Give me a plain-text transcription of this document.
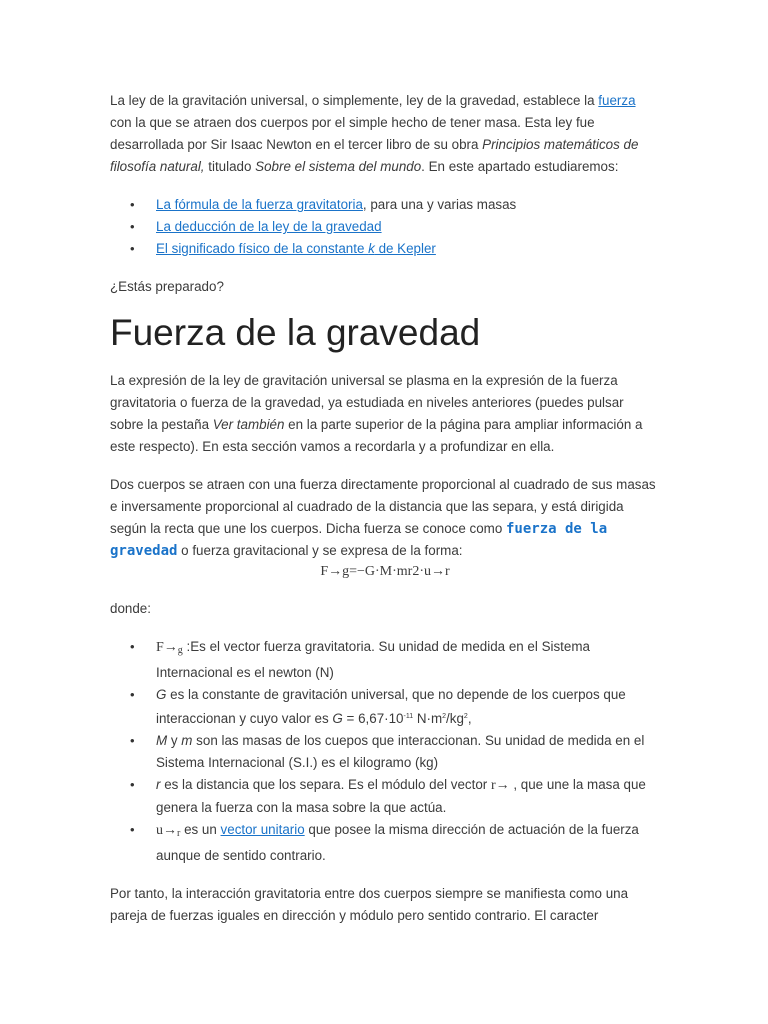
La ley de la gravitación universal, o simplemente, ley de la gravedad, establece la fuerza con la que se atraen dos cuerpos por el simple hecho de tener masa. Esta ley fue desarrollada por Sir Isaac Newton en el tercer libro de su obra Principios matemáticos de filosofía natural, titulado Sobre el sistema del mundo. En este apartado estudiaremos:

• La fórmula de la fuerza gravitatoria, para una y varias masas
• La deducción de la ley de la gravedad
• El significado físico de la constante k de Kepler

¿Estás preparado?

Fuerza de la gravedad

La expresión de la ley de gravitación universal se plasma en la expresión de la fuerza gravitatoria o fuerza de la gravedad, ya estudiada en niveles anteriores (puedes pulsar sobre la pestaña Ver también en la parte superior de la página para ampliar información a este respecto). En esta sección vamos a recordarla y a profundizar en ella.

Dos cuerpos se atraen con una fuerza directamente proporcional al cuadrado de sus masas e inversamente proporcional al cuadrado de la distancia que las separa, y está dirigida según la recta que une los cuerpos. Dicha fuerza se conoce como fuerza de la gravedad o fuerza gravitacional y se expresa de la forma:

F→g=−G·M·mr2·u→r

donde:

• $F\to_g$ :Es el vector fuerza gravitatoria. Su unidad de medida en el Sistema Internacional es el newton (N)
• G es la constante de gravitación universal, que no depende de los cuerpos que interaccionan y cuyo valor es $G = 6,67\cdot 10^{-11}$ $N\cdot m^2/kg^2$,
• M y m son las masas de los cuepos que interaccionan. Su unidad de medida en el Sistema Internacional (S.I.) es el kilogramo (kg)
• r es la distancia que los separa. Es el módulo del vector r→ , que une la masa que genera la fuerza con la masa sobre la que actúa.
• $u\to_r$ es un vector unitario que posee la misma dirección de actuación de la fuerza aunque de sentido contrario.

Por tanto, la interacción gravitatoria entre dos cuerpos siempre se manifiesta como una pareja de fuerzas iguales en dirección y módulo pero sentido contrario. El caracter
